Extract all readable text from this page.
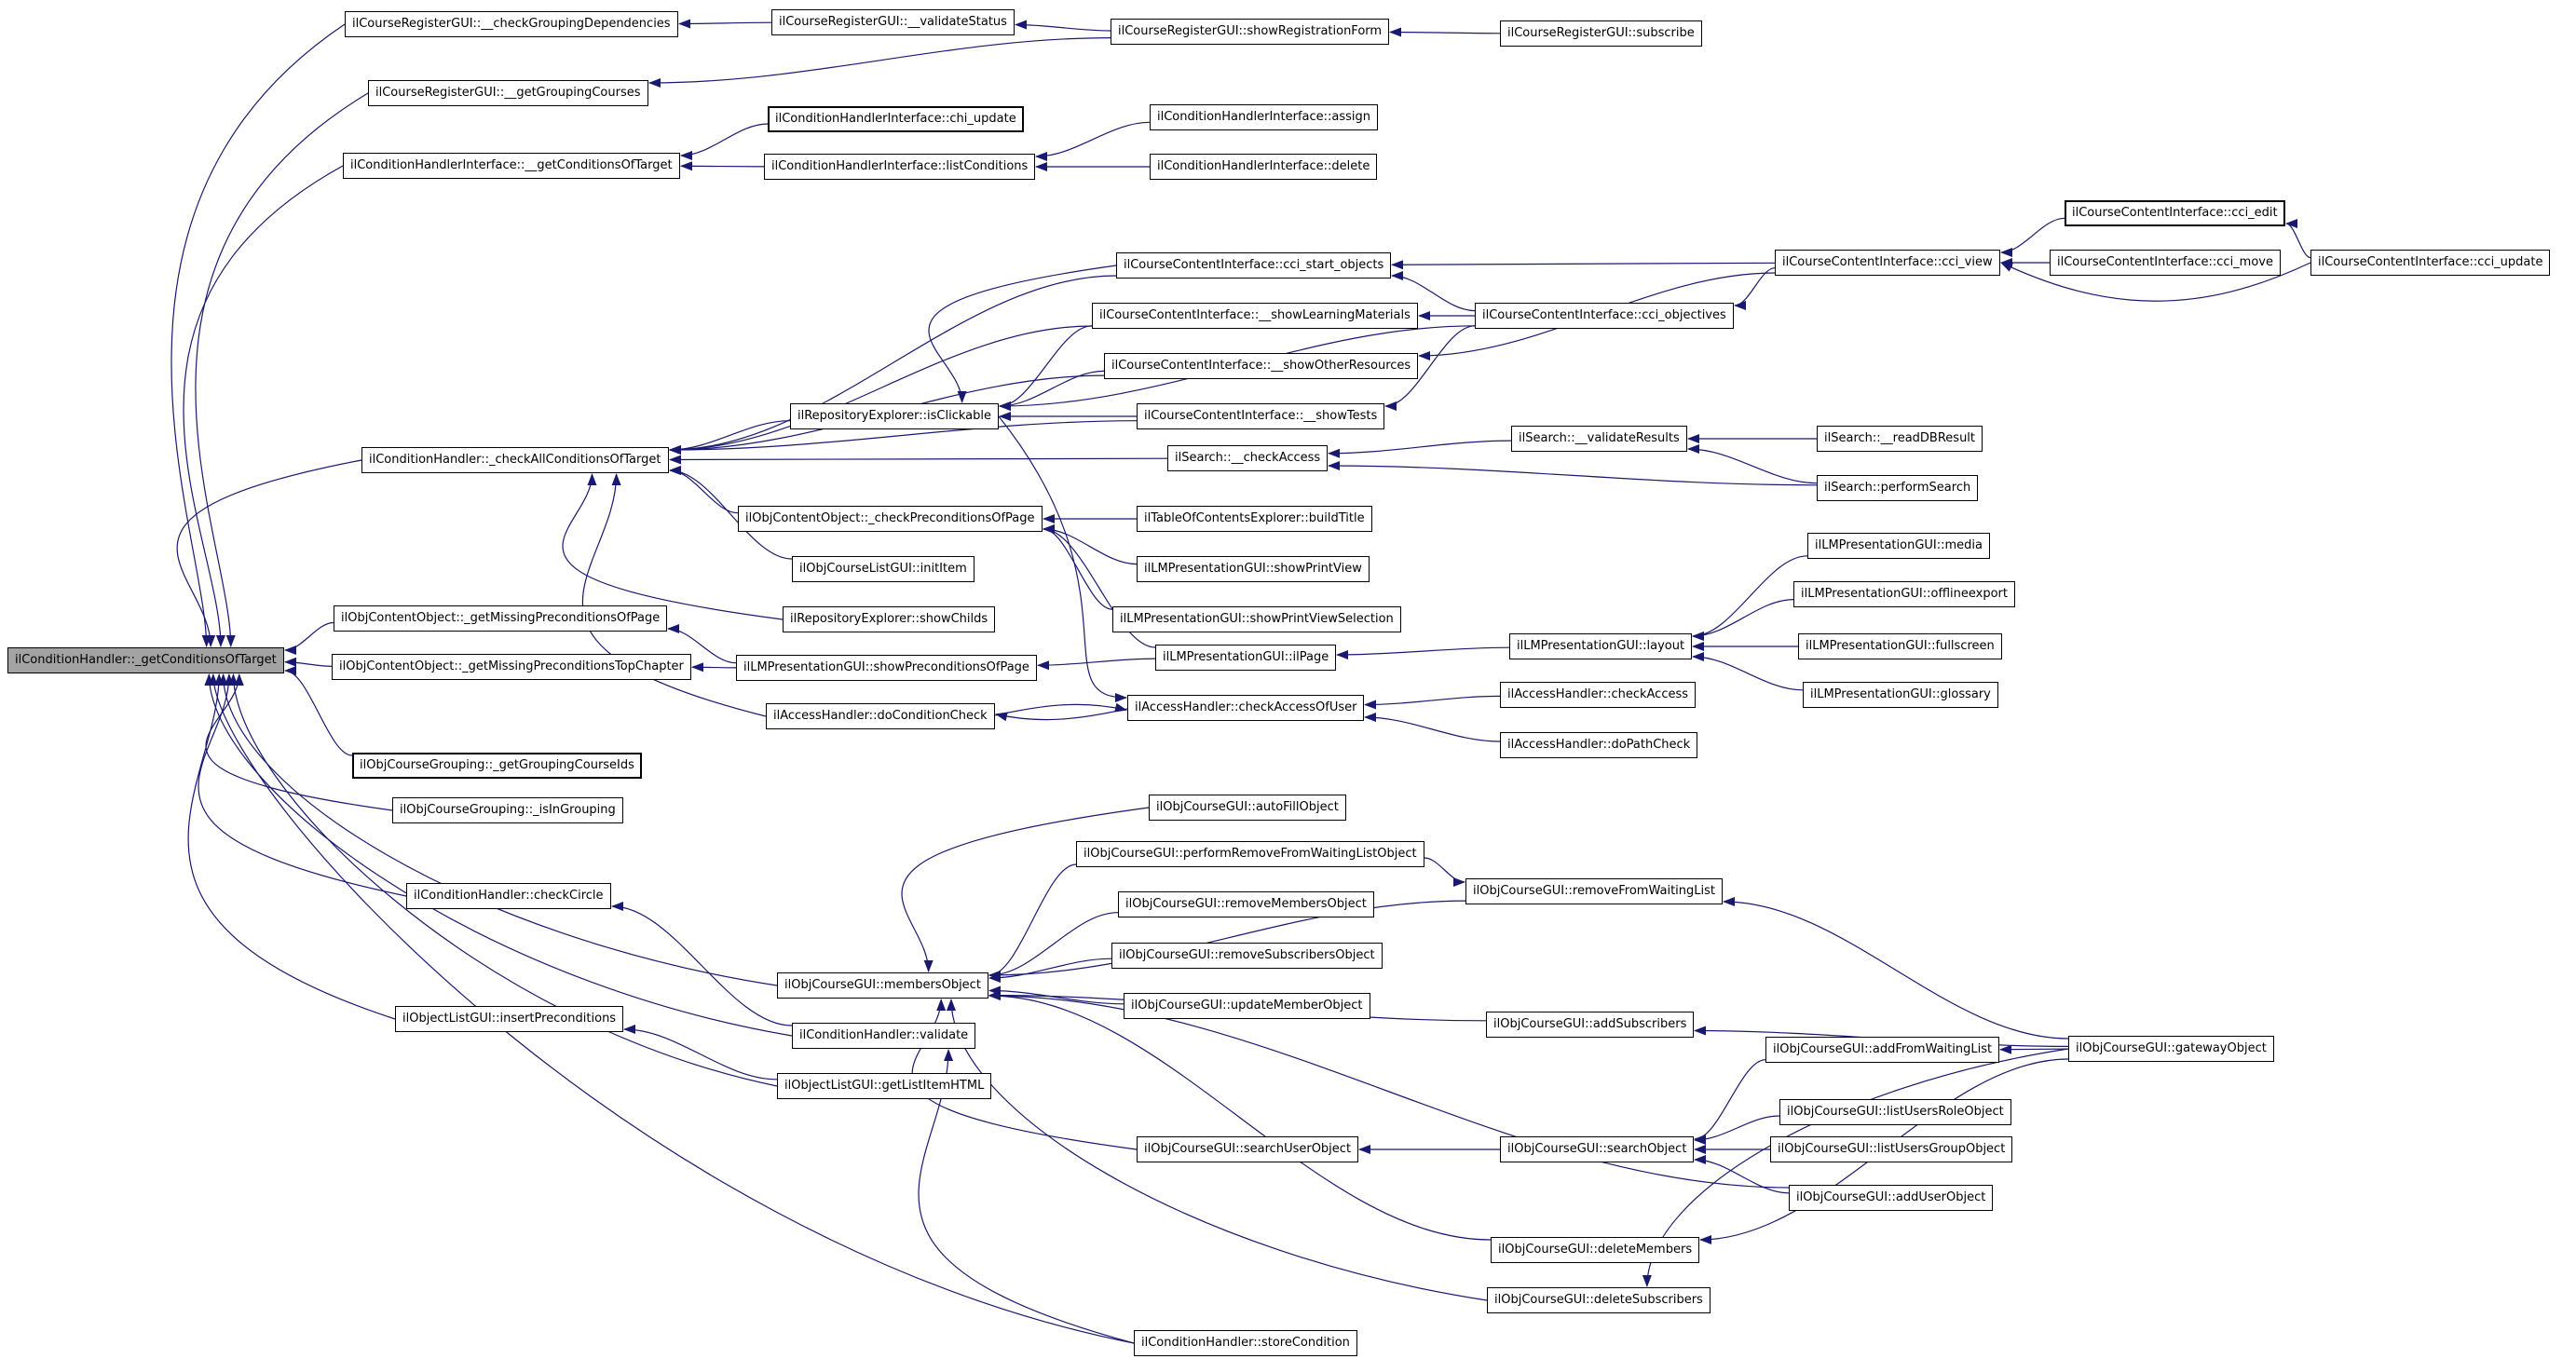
ilConditionHandler::_getConditionsOfTarget
ilCourseRegisterGUI::__checkGroupingDependencies
ilCourseRegisterGUI::__getGroupingCourses
ilConditionHandlerInterface::__getConditionsOfTarget
ilConditionHandler::_checkAllConditionsOfTarget
ilObjContentObject::_getMissingPreconditionsOfPage
ilObjContentObject::_getMissingPreconditionsTopChapter
ilObjCourseGrouping::_getGroupingCourseIds
ilObjCourseGrouping::_isInGrouping
ilConditionHandler::checkCircle
ilObjectListGUI::insertPreconditions
ilCourseRegisterGUI::__validateStatus
ilConditionHandlerInterface::chi_update
ilConditionHandlerInterface::listConditions
ilRepositoryExplorer::isClickable
ilObjContentObject::_checkPreconditionsOfPage
ilObjCourseListGUI::initItem
ilRepositoryExplorer::showChilds
ilLMPresentationGUI::showPreconditionsOfPage
ilAccessHandler::doConditionCheck
ilObjCourseGUI::membersObject
ilConditionHandler::validate
ilObjectListGUI::getListItemHTML
ilCourseRegisterGUI::showRegistrationForm	ilCourseRegisterGUI::subscribe
ilConditionHandlerInterface::assign
ilConditionHandlerInterface::delete
ilCourseContentInterface::cci_start_objects
ilCourseContentInterface::__showLearningMaterials
ilCourseContentInterface::__showOtherResources
ilCourseContentInterface::__showTests
ilSearch::__checkAccess
ilTableOfContentsExplorer::buildTitle
ilLMPresentationGUI::showPrintView
ilLMPresentationGUI::showPrintViewSelection
ilLMPresentationGUI::ilPage
ilAccessHandler::checkAccessOfUser
ilObjCourseGUI::autoFillObject
ilObjCourseGUI::performRemoveFromWaitingListObject
ilObjCourseGUI::removeMembersObject
ilObjCourseGUI::removeSubscribersObject
ilObjCourseGUI::updateMemberObject
ilObjCourseGUI::searchUserObject
ilConditionHandler::storeCondition
ilSearch::__validateResults
ilLMPresentationGUI::layout
ilAccessHandler::checkAccess
ilAccessHandler::doPathCheck
ilObjCourseGUI::removeFromWaitingList
ilObjCourseGUI::addSubscribers
ilObjCourseGUI::searchObject
ilObjCourseGUI::deleteMembers
ilObjCourseGUI::deleteSubscribers
ilSearch::__readDBResult
ilSearch::performSearch
ilLMPresentationGUI::media
ilLMPresentationGUI::offlineexport
ilLMPresentationGUI::fullscreen
ilLMPresentationGUI::glossary
ilObjCourseGUI::addFromWaitingList
ilObjCourseGUI::listUsersRoleObject
ilObjCourseGUI::listUsersGroupObject
ilObjCourseGUI::addUserObject
ilCourseContentInterface::cci_view
ilCourseContentInterface::cci_objectives
ilCourseContentInterface::cci_edit
ilCourseContentInterface::cci_move	ilCourseContentInterface::cci_update
ilObjCourseGUI::gatewayObject
